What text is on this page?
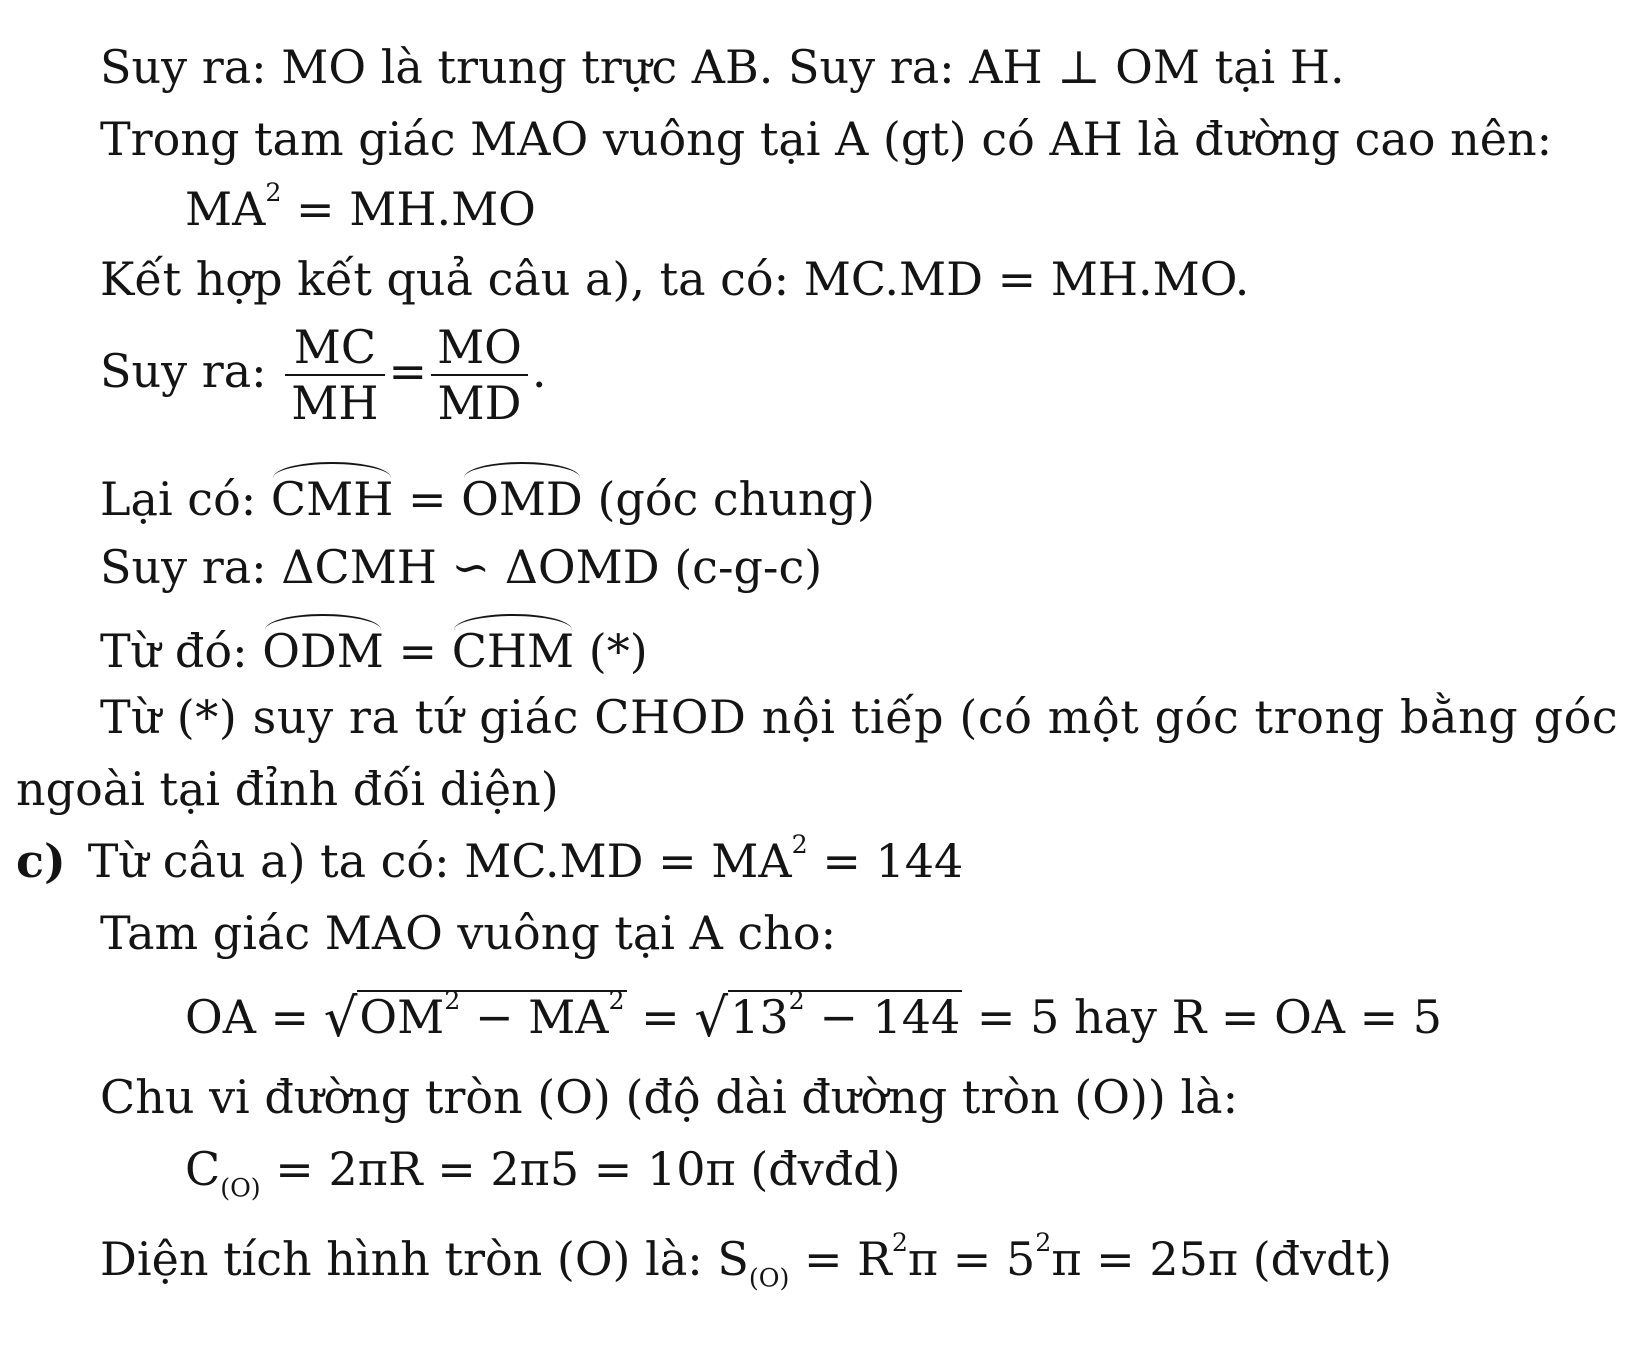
Suy ra: MO là trung trực AB. Suy ra: AH ⊥ OM tại H.
Trong tam giác MAO vuông tại A (gt) có AH là đường cao nên:
$MA^2 = MH.MO$
Kết hợp kết quả câu a), ta có: MC.MD = MH.MO.
Suy ra: $\frac{MC}{MH} = \frac{MO}{MD}$ .
Lại có: CMH = OMD (góc chung)
Suy ra: ΔCMH ∽ ΔOMD (c-g-c)
Từ đó: ODM = CHM (*)
Từ (*) suy ra tứ giác CHOD nội tiếp (có một góc trong bằng góc
ngoài tại đỉnh đối diện)
c) Từ câu a) ta có: $MC.MD = MA^2 = 144$
Tam giác MAO vuông tại A cho:
OA = $√OM^2 - MA^2 = √13^2 - 144 = 5$ hay R = OA = 5
Chu vi đường tròn (O) (độ dài đường tròn (O)) là:
$C_{(O)} = 2\pi R = 2\pi 5 = 10\pi$ (đvđd)
Diện tích hình tròn (O) là: $S_{(O)} = R^2\pi = 5^2\pi = 25\pi$ (đvdt)
